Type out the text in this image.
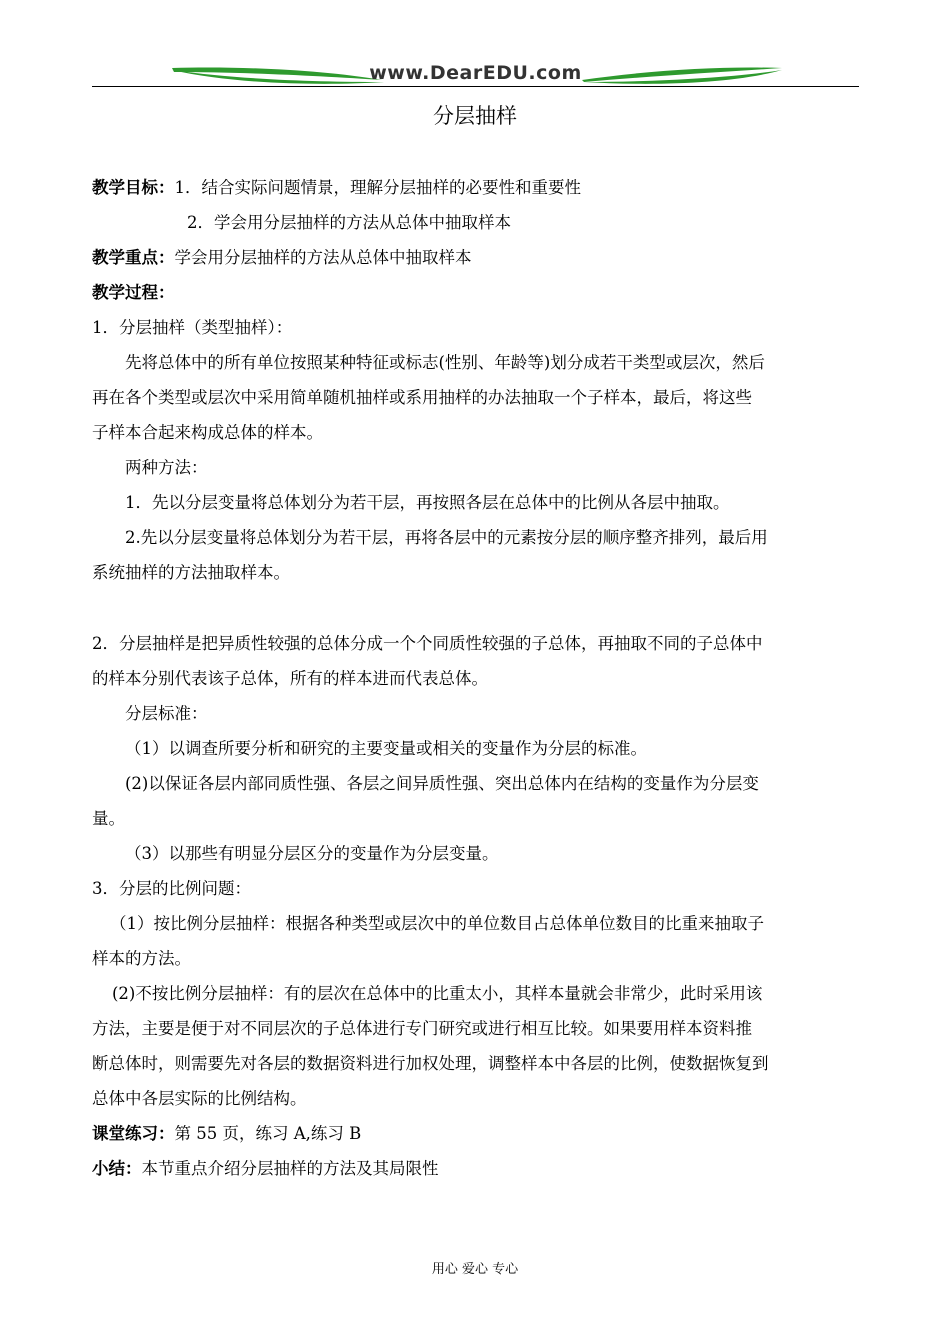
www.DearEDU.com
分层抽样
教学目标：1．结合实际问题情景，理解分层抽样的必要性和重要性
2．学会用分层抽样的方法从总体中抽取样本
教学重点：学会用分层抽样的方法从总体中抽取样本
教学过程：
1．分层抽样（类型抽样）：
先将总体中的所有单位按照某种特征或标志(性别、年龄等)划分成若干类型或层次，然后
再在各个类型或层次中采用简单随机抽样或系用抽样的办法抽取一个子样本，最后，将这些
子样本合起来构成总体的样本。
两种方法：
1．先以分层变量将总体划分为若干层，再按照各层在总体中的比例从各层中抽取。
2.先以分层变量将总体划分为若干层，再将各层中的元素按分层的顺序整齐排列，最后用
系统抽样的方法抽取样本。
2．分层抽样是把异质性较强的总体分成一个个同质性较强的子总体，再抽取不同的子总体中
的样本分别代表该子总体，所有的样本进而代表总体。
分层标准：
（1）以调查所要分析和研究的主要变量或相关的变量作为分层的标准。
(2)以保证各层内部同质性强、各层之间异质性强、突出总体内在结构的变量作为分层变
量。
（3）以那些有明显分层区分的变量作为分层变量。
3．分层的比例问题：
（1）按比例分层抽样：根据各种类型或层次中的单位数目占总体单位数目的比重来抽取子
样本的方法。
(2)不按比例分层抽样：有的层次在总体中的比重太小，其样本量就会非常少，此时采用该
方法，主要是便于对不同层次的子总体进行专门研究或进行相互比较。如果要用样本资料推
断总体时，则需要先对各层的数据资料进行加权处理，调整样本中各层的比例，使数据恢复到
总体中各层实际的比例结构。
课堂练习：第 55 页，练习 A,练习 B
小结：本节重点介绍分层抽样的方法及其局限性
用心 爱心 专心
